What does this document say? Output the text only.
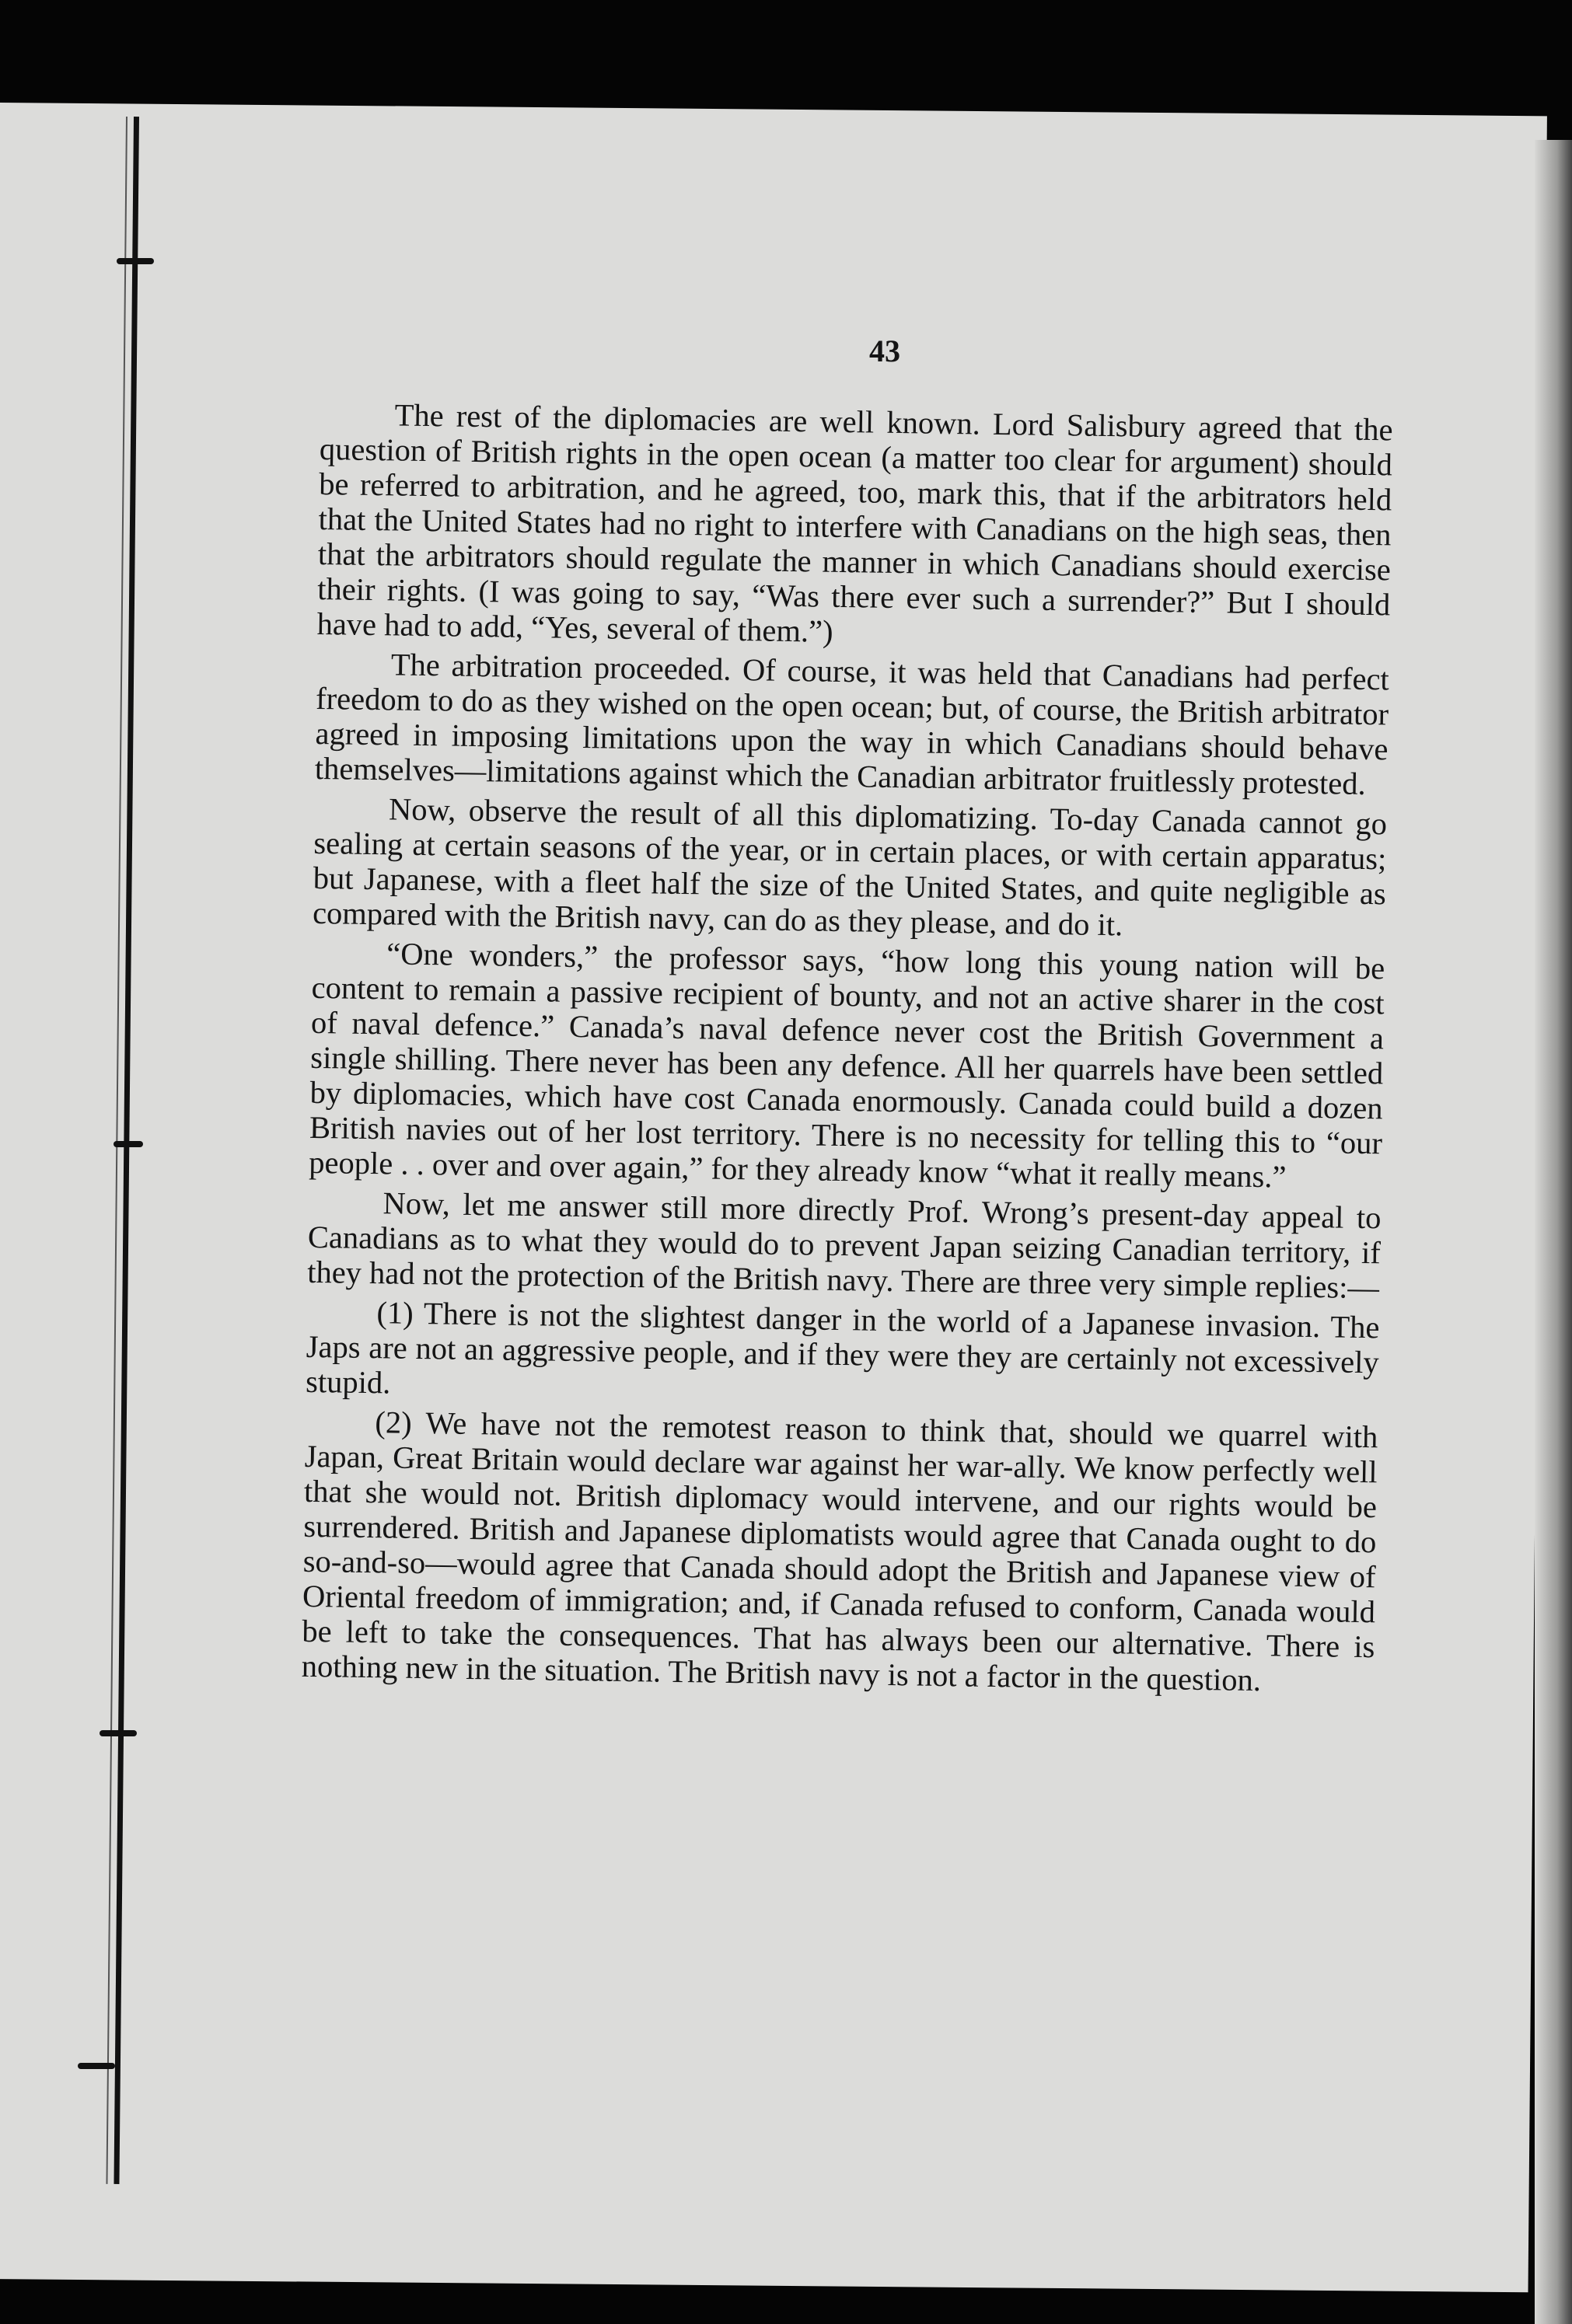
43

The rest of the diplomacies are well known. Lord Salisbury agreed that the question of British rights in the open ocean (a matter too clear for argument) should be referred to arbitration, and he agreed, too, mark this, that if the arbitrators held that the United States had no right to interfere with Canadians on the high seas, then that the arbitrators should regulate the manner in which Canadians should exercise their rights. (I was going to say, “Was there ever such a surrender?” But I should have had to add, “Yes, several of them.”)

The arbitration proceeded. Of course, it was held that Canadians had perfect freedom to do as they wished on the open ocean; but, of course, the British arbitrator agreed in imposing limitations upon the way in which Canadians should behave themselves—limitations against which the Canadian arbitrator fruitlessly protested.

Now, observe the result of all this diplomatizing. To-day Canada cannot go sealing at certain seasons of the year, or in certain places, or with certain apparatus; but Japanese, with a fleet half the size of the United States, and quite negligible as compared with the British navy, can do as they please, and do it.

“One wonders,” the professor says, “how long this young nation will be content to remain a passive recipient of bounty, and not an active sharer in the cost of naval defence.” Canada’s naval defence never cost the British Government a single shilling. There never has been any defence. All her quarrels have been settled by diplomacies, which have cost Canada enormously. Canada could build a dozen British navies out of her lost territory. There is no necessity for telling this to “our people . . over and over again,” for they already know “what it really means.”

Now, let me answer still more directly Prof. Wrong’s present-day appeal to Canadians as to what they would do to prevent Japan seizing Canadian territory, if they had not the protection of the British navy. There are three very simple replies:—

(1) There is not the slightest danger in the world of a Japanese invasion. The Japs are not an aggressive people, and if they were they are certainly not excessively stupid.

(2) We have not the remotest reason to think that, should we quarrel with Japan, Great Britain would declare war against her war-ally. We know perfectly well that she would not. British diplomacy would intervene, and our rights would be surrendered. British and Japanese diplomatists would agree that Canada ought to do so-and-so—would agree that Canada should adopt the British and Japanese view of Oriental freedom of immigration; and, if Canada refused to conform, Canada would be left to take the consequences. That has always been our alternative. There is nothing new in the situation. The British navy is not a factor in the question.
